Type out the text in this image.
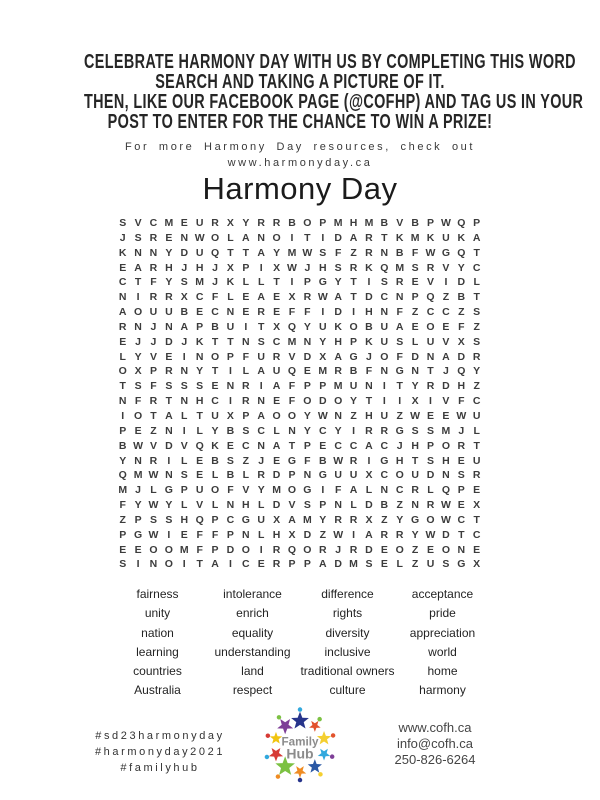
CELEBRATE HARMONY DAY WITH US BY COMPLETING THIS WORD
SEARCH AND TAKING A PICTURE OF IT.
THEN, LIKE OUR FACEBOOK PAGE (@COFHP) AND TAG US IN YOUR
POST TO ENTER FOR THE CHANCE TO WIN A PRIZE!
For more Harmony Day resources, check out
www.harmonyday.ca
Harmony Day
S V C M E U R X Y R R B O P M H M B V B P W Q P
J S R E N W O L A N O I	T	I D A R T K M K U K A
K N N Y D U Q T T A Y M W S F Z R N B F W G Q T
E A R H J H J X P I X W J H S R K Q M S R V Y C
C T F Y S M J K L L T	I P G Y T	I S R E V I D L
N I R R X C F L E A E X R W A T D C N P Q Z B T
A O U U B E C N E R E F F	I D I H N F Z C C Z S
R N J N A P B U I	T X Q Y U K O B U A E O E F Z
E J J D J K T T N S C M N Y H P K U S L U V X S
L Y V E I N O P F U R V D X A G J O F D N A D R
O X P R N Y T	I	L A U Q E M R B F N G N T J Q Y
T S F S S S E N R I A F P P M U N I	T Y R D H Z
N F R T N H C I R N E F O D O Y T	I	I X I V F C
I O T A L T U X P A O O Y W N Z H U Z W E E W U
P E Z N I	L Y B S C L N Y C Y I R R G S S M J L
B W V D V Q K E C N A T P E C C A C J H P O R T
Y N R I	L E B S Z J E G F B W R I G H T S H E U
Q M W N S E L B L R D P N G U U X C O U D N S R
M J L G P U O F V Y M O G I	F A L N C R L Q P E
F Y W Y L V L N H L D V S P N L D B Z N R W E X
Z P S S H Q P C G U X A M Y R R X Z Y G O W C T
P G W I E F F P N L H X D Z W I A R R Y W D T C
E E O O M F P D O I R Q O R J R D E O Z E O N E
S I N O I	T A I C E R P P A D M S E L Z U S G X
fairness	intolerance	difference	acceptance
unity	enrich	rights	pride
nation	equality	diversity	appreciation
learning	understanding	inclusive	world
countries	land	traditional owners	home
Australia	respect	culture	harmony
#sd23harmonyday
#harmonyday2021
#familyhub
Family
Hub
www.cofh.ca
info@cofh.ca
250-826-6264
